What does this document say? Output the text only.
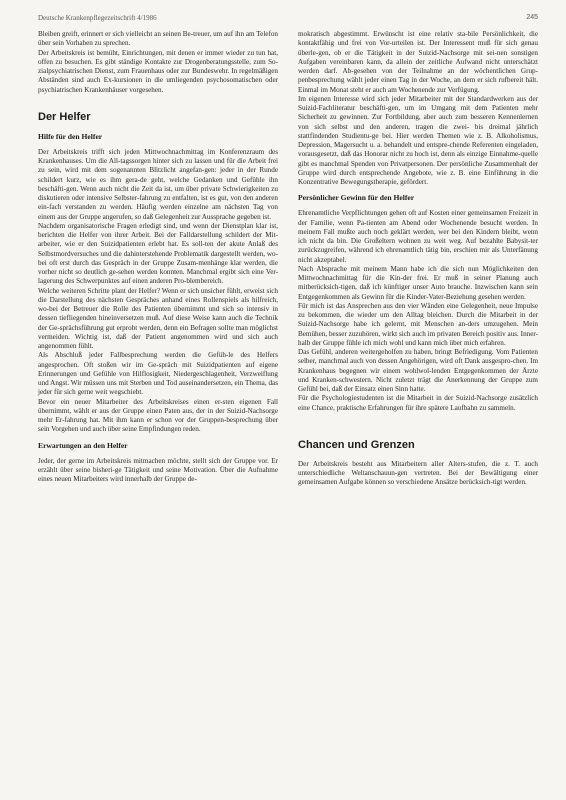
Deutsche Krankenpflegezeitschrift 4/1986	245

Bleiben greift, erinnert er sich vielleicht an seinen Be-treuer, um auf ihn am Telefon über sein Vorhaben zu sprechen.

Der Arbeitskreis ist bemüht, Einrichtungen, mit denen er immer wieder zu tun hat, offen zu besuchen. Es gibt ständige Kontakte zur Drogenberatungsstelle, zum So-zialpsychiatrischen Dienst, zum Frauenhaus oder zur Bundeswehr. In regelmäßigen Abständen sind auch Ex-kursionen in die umliegenden psychosomatischen oder psychiatrischen Krankenhäuser vorgesehen.

Der Helfer
Hilfe für den Helfer

Der Arbeitskreis trifft sich jeden Mittwochnachmittag im Konferenzraum des Krankenhauses. Um die All-tagssorgen hinter sich zu lassen und für die Arbeit frei zu sein, wird mit dem sogenannten Blitzlicht angefan-gen: jeder in der Runde schildert kurz, wie es ihm gera-de geht, welche Gedanken und Gefühle ihn beschäfti-gen. Wenn auch nicht die Zeit da ist, um über private Schwierigkeiten zu diskutieren oder intensive Selbster-fahrung zu entfalten, ist es gut, von den anderen ein-fach verstanden zu werden. Häufig werden einzelne am nächsten Tag von einem aus der Gruppe angerufen, so daß Gelegenheit zur Aussprache gegeben ist.

Nachdem organisatorische Fragen erledigt sind, und wenn der Dienstplan klar ist, berichten die Helfer von ihrer Arbeit. Bei der Falldarstellung schildert der Mit-arbeiter, wie er den Suizidpatienten erlebt hat. Es soll-ten der akute Anlaß des Selbstmordversuches und die dahinterstehende Problematik dargestellt werden, wo-bei oft erst durch das Gespräch in der Gruppe Zusam-menhänge klar werden, die vorher nicht so deutlich ge-sehen werden konnten. Manchmal ergibt sich eine Ver-lagerung des Schwerpunktes auf einen anderen Pro-blembereich.

Welche weiteren Schritte plant der Helfer? Wenn er sich unsicher fühlt, erweist sich die Darstellung des nächsten Gespräches anhand eines Rollenspiels als hilfreich, wo-bei der Betreuer die Rolle des Patienten übernimmt und sich so intensiv in dessen tiefliegenden hineinversetzen muß. Auf diese Weise kann auch die Technik der Ge-sprächsführung gut erprobt werden, denn ein Befragen sollte man möglichst vermeiden. Wichtig ist, daß der Patient angenommen wird und sich auch angenommen fühlt.

Als Abschluß jeder Fallbesprechung werden die Gefüh-le des Helfers angesprochen. Oft stoßen wir im Ge-spräch mit Suizidpatienten auf eigene Erinnerungen und Gefühle von Hilflosigkeit, Niedergeschlagenheit, Verzweiflung und Angst. Wir müssen uns mit Sterben und Tod auseinandersetzen, ein Thema, das jeder für sich gerne weit wegschiebt.

Bevor ein neuer Mitarbeiter des Arbeitskreises einen er-sten eigenen Fall übernimmt, wählt er aus der Gruppe einen Paten aus, der in der Suizid-Nachsorge mehr Er-fahrung hat. Mit ihm kann er schon vor der Gruppen-besprechung über sein Vorgehen und auch über seine Empfindungen reden.

Erwartungen an den Helfer

Jeder, der gerne im Arbeitskreis mitmachen möchte, stellt sich der Gruppe vor. Er erzählt über seine bisheri-ge Tätigkeit und seine Motivation. Über die Aufnahme eines neuen Mitarbeiters wird innerhalb der Gruppe de-

mokratisch abgestimmt. Erwünscht ist eine relativ sta-bile Persönlichkeit, die kontaktfähig und frei von Vor-urteilen ist. Der Interessent muß für sich genau überle-gen, ob er die Tätigkeit in der Suizid-Nachsorge mit sei-nen sonstigen Aufgaben vereinbaren kann, da allein der zeitliche Aufwand nicht unterschätzt werden darf. Ab-gesehen von der Teilnahme an der wöchentlichen Grup-penbesprechung wählt jeder einen Tag in der Woche, an dem er sich rufbereit hält. Einmal im Monat steht er auch am Wochenende zur Verfügung.

Im eigenen Interesse wird sich jeder Mitarbeiter mit der Standardwerken aus der Suizid-Fachliteratur beschäfti-gen, um im Umgang mit dem Patienten mehr Sicherheit zu gewinnen. Zur Fortbildung, aber auch zum besseren Kennenlernen von sich selbst und den anderen, tragen die zwei- bis dreimal jährlich stattfindenden Studientu-ge bei. Hier werden Themen wie z. B. Alkoholismus, Depression, Magersucht u. a. behandelt und entspre-chende Referenten eingeladen, vorausgesetzt, daß das Honorar nicht zu hoch ist, denn als einzige Einnahme-quelle gibt es manchmal Spenden von Privatpersonen. Der persönliche Zusammenhalt der Gruppe wird durch entsprechende Angebote, wie z. B. eine Einführung in die Konzentrative Bewegungstherapie, gefördert.

Persönlicher Gewinn für den Helfer

Ehrenamtliche Verpflichtungen gehen oft auf Kosten einer gemeinsamen Freizeit in der Familie, wenn Pa-tienten am Abend oder Wochenende besucht werden. In meinem Fall mußte auch noch geklärt werden, wer bei den Kindern bleibt, wenn ich nicht da bin. Die Großeltern wohnen zu weit weg. Auf bezahlte Babysit-ter zurückzugreifen, während ich ehrenamtlich tätig bin, erschien mir als Unterfänung nicht akzeptabel.

Nach Absprache mit meinem Mann habe ich die sich nun Möglichkeiten den Mittwochnachmittag für die Kin-der frei. Er muß in seiner Planung auch mitberücksich-tigen, daß ich künftiger unser Auto brauche. Inzwischen kann sein Entgegenkommen als Gewinn für die Kinder-Vater-Beziehung gesehen werden.

Für mich ist das Ansprechen aus den vier Wänden eine Gelegenheit, neue Impulse zu bekommen, die wieder um den Alltag bleichen. Durch die Mitarbeit in der Suizid-Nachsorge habe ich gelernt, mit Menschen an-ders umzugehen. Mein Bemühen, besser zuzuhören, wirkt sich auch im privaten Bereich positiv aus. Inner-halb der Gruppe fühle ich mich wohl und kann mich über mich erfahren.

Das Gefühl, anderen weitergeholfen zu haben, bringt Befriedigung. Vom Patienten selber, manchmal auch von dessen Angehörigen, wird oft Dank ausgespro-chen. Im Krankenhaus begegnen wir einem wohlwol-lenden Entgegenkommen der Ärzte und Kranken-schwestern. Nicht zuletzt trägt die Anerkennung der Gruppe zum Gefühl bei, daß der Einsatz einen Sinn hatte.

Für die Psychologiestudenten ist die Mitarbeit in der Suizid-Nachsorge zusätzlich eine Chance, praktische Erfahrungen für ihre spätere Laufbahn zu sammeln.

Chancen und Grenzen

Der Arbeitskreis besteht aus Mitarbeitern aller Alters-stufen, die z. T. auch unterschiedliche Weltanschauun-gen vertreten. Bei der Bewältigung einer gemeinsamen Aufgabe können so verschiedene Ansätze berücksich-tigt werden.
